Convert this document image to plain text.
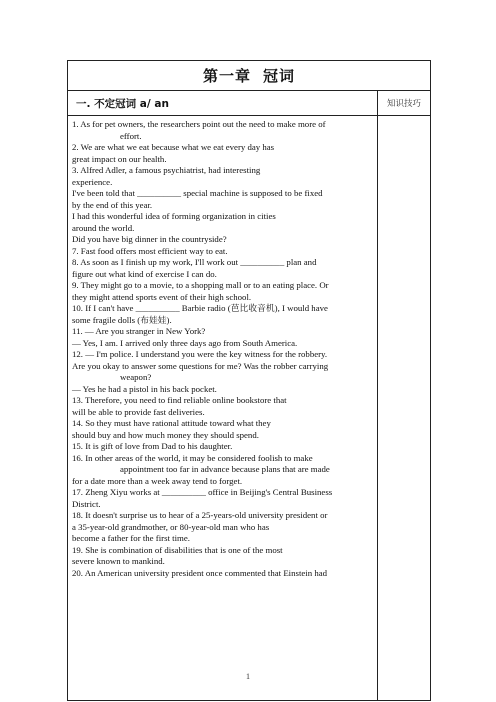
第一章 冠词
一. 不定冠词 a/ an	知识技巧

1. As for pet owners, the researchers point out the need to make more of

effort.

2. We are what we eat because what we eat every day has

great impact on our health.

3. Alfred Adler, a famous psychiatrist, had interesting

experience.

I've been told that __________ special machine is supposed to be fixed

by the end of this year.

I had this wonderful idea of forming organization in cities

around the world.

Did you have big dinner in the countryside?

7. Fast food offers most efficient way to eat.

8. As soon as I finish up my work, I'll work out __________ plan and

figure out what kind of exercise I can do.

9. They might go to a movie, to a shopping mall or to an eating place. Or

they might attend sports event of their high school.

10. If I can't have __________ Barbie radio (芭比收音机), I would have

some fragile dolls (布娃娃).

11. — Are you stranger in New York?

— Yes, I am. I arrived only three days ago from South America.

12. — I'm police. I understand you were the key witness for the robbery.

Are you okay to answer some questions for me? Was the robber carrying

weapon?

— Yes he had a pistol in his back pocket.

13. Therefore, you need to find reliable online bookstore that

will be able to provide fast deliveries.

14. So they must have rational attitude toward what they

should buy and how much money they should spend.

15. It is gift of love from Dad to his daughter.

16. In other areas of the world, it may be considered foolish to make

appointment too far in advance because plans that are made

for a date more than a week away tend to forget.

17. Zheng Xiyu works at __________ office in Beijing's Central Business

District.

18. It doesn't surprise us to hear of a 25-years-old university president or

a 35-year-old grandmother, or 80-year-old man who has

become a father for the first time.

19. She is combination of disabilities that is one of the most

severe known to mankind.

20. An American university president once commented that Einstein had

1
